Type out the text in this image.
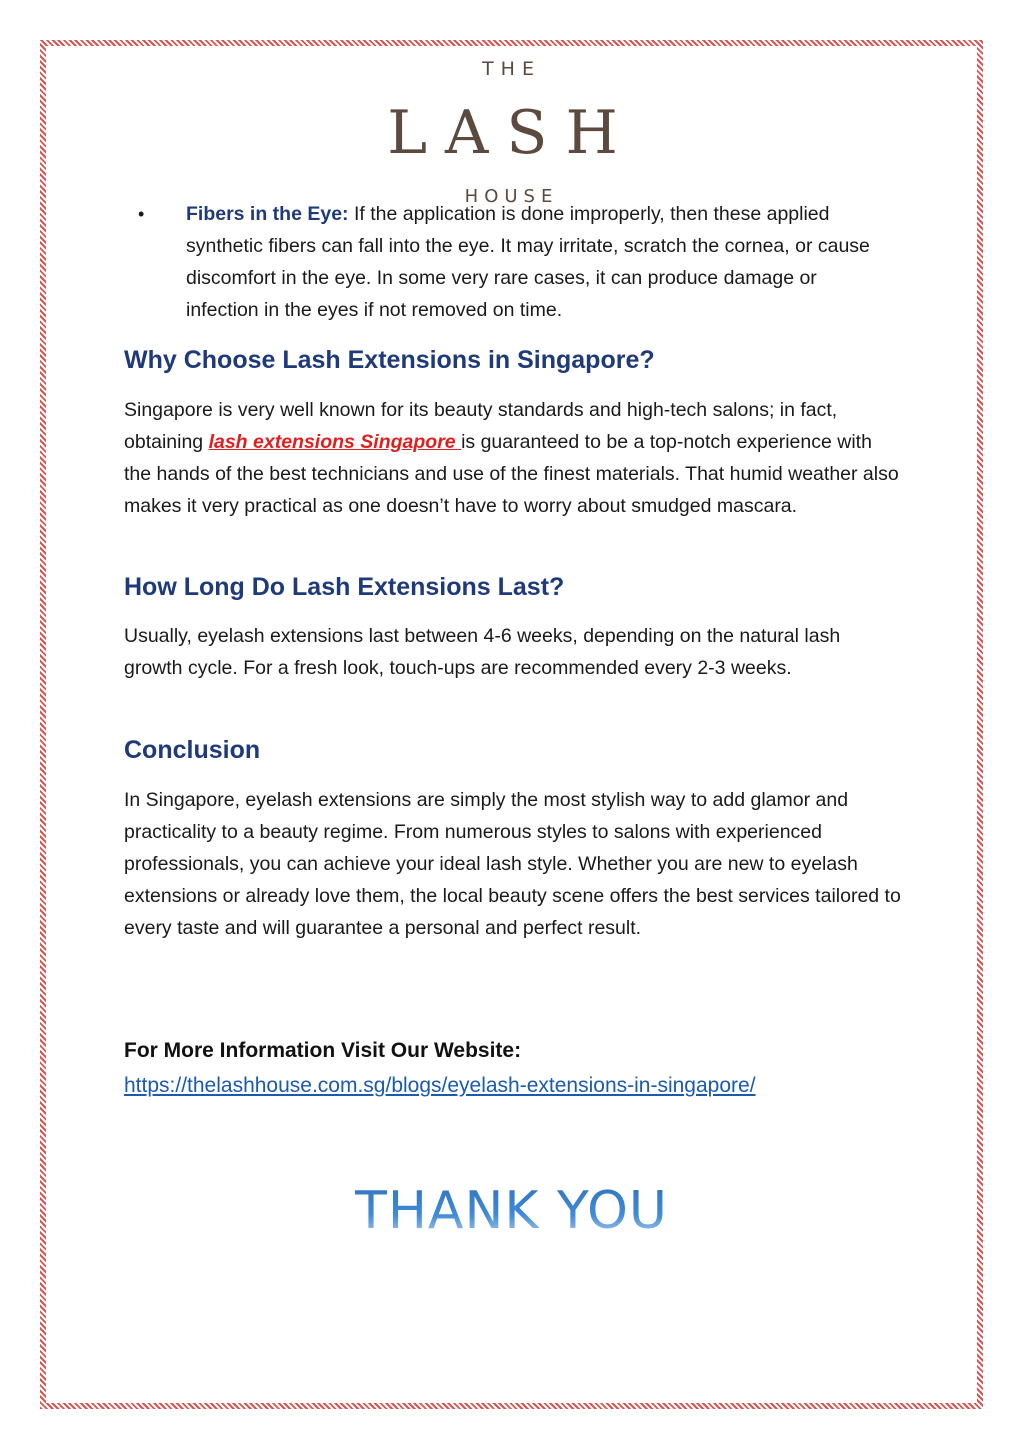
THE
LASH
HOUSE
•	Fibers in the Eye: If the application is done improperly, then these applied synthetic fibers can fall into the eye. It may irritate, scratch the cornea, or cause discomfort in the eye. In some very rare cases, it can produce damage or infection in the eyes if not removed on time.
Why Choose Lash Extensions in Singapore?

Singapore is very well known for its beauty standards and high-tech salons; in fact, obtaining lash extensions Singapore is guaranteed to be a top-notch experience with the hands of the best technicians and use of the finest materials. That humid weather also makes it very practical as one doesn’t have to worry about smudged mascara.

How Long Do Lash Extensions Last?

Usually, eyelash extensions last between 4-6 weeks, depending on the natural lash growth cycle. For a fresh look, touch-ups are recommended every 2-3 weeks.

Conclusion

In Singapore, eyelash extensions are simply the most stylish way to add glamor and practicality to a beauty regime. From numerous styles to salons with experienced professionals, you can achieve your ideal lash style. Whether you are new to eyelash extensions or already love them, the local beauty scene offers the best services tailored to every taste and will guarantee a personal and perfect result.

For More Information Visit Our Website:
https://thelashhouse.com.sg/blogs/eyelash-extensions-in-singapore/
THANK YOU
